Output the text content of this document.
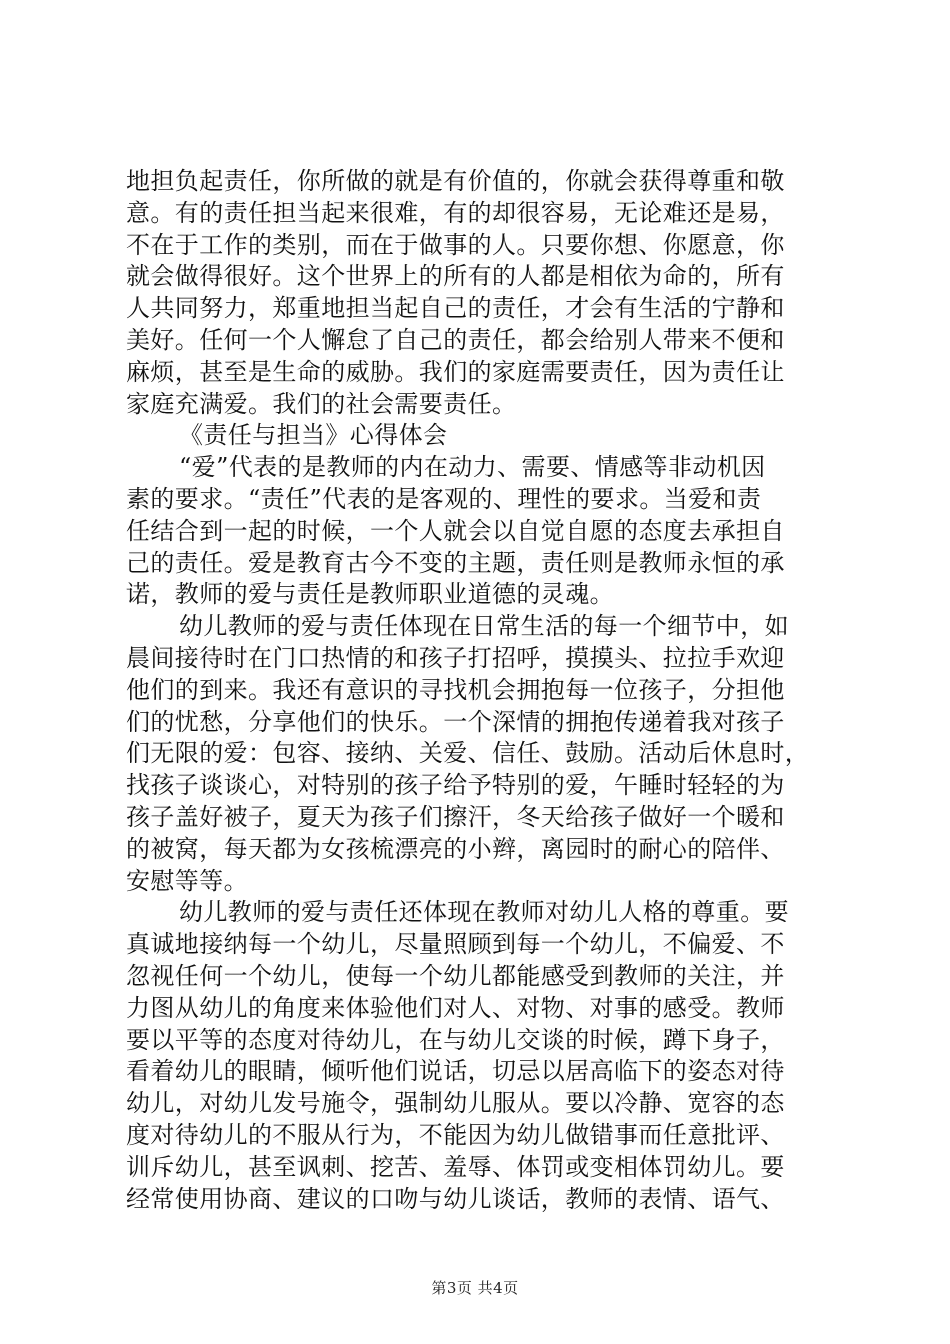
地担负起责任，你所做的就是有价值的，你就会获得尊重和敬
意。有的责任担当起来很难，有的却很容易，无论难还是易，
不在于工作的类别，而在于做事的人。只要你想、你愿意，你
就会做得很好。这个世界上的所有的人都是相依为命的，所有
人共同努力，郑重地担当起自己的责任，才会有生活的宁静和
美好。任何一个人懈怠了自己的责任，都会给别人带来不便和
麻烦，甚至是生命的威胁。我们的家庭需要责任，因为责任让
家庭充满爱。我们的社会需要责任。
《责任与担当》心得体会
“爱”代表的是教师的内在动力、需要、情感等非动机因
素的要求。“责任”代表的是客观的、理性的要求。当爱和责
任结合到一起的时候，一个人就会以自觉自愿的态度去承担自
己的责任。爱是教育古今不变的主题，责任则是教师永恒的承
诺，教师的爱与责任是教师职业道德的灵魂。
幼儿教师的爱与责任体现在日常生活的每一个细节中，如
晨间接待时在门口热情的和孩子打招呼，摸摸头、拉拉手欢迎
他们的到来。我还有意识的寻找机会拥抱每一位孩子，分担他
们的忧愁，分享他们的快乐。一个深情的拥抱传递着我对孩子
们无限的爱：包容、接纳、关爱、信任、鼓励。活动后休息时，
找孩子谈谈心，对特别的孩子给予特别的爱，午睡时轻轻的为
孩子盖好被子，夏天为孩子们擦汗，冬天给孩子做好一个暖和
的被窝，每天都为女孩梳漂亮的小辫，离园时的耐心的陪伴、
安慰等等。
幼儿教师的爱与责任还体现在教师对幼儿人格的尊重。要
真诚地接纳每一个幼儿，尽量照顾到每一个幼儿，不偏爱、不
忽视任何一个幼儿，使每一个幼儿都能感受到教师的关注，并
力图从幼儿的角度来体验他们对人、对物、对事的感受。教师
要以平等的态度对待幼儿，在与幼儿交谈的时候，蹲下身子，
看着幼儿的眼睛，倾听他们说话，切忌以居高临下的姿态对待
幼儿，对幼儿发号施令，强制幼儿服从。要以冷静、宽容的态
度对待幼儿的不服从行为，不能因为幼儿做错事而任意批评、
训斥幼儿，甚至讽刺、挖苦、羞辱、体罚或变相体罚幼儿。要
经常使用协商、建议的口吻与幼儿谈话，教师的表情、语气、
第3页 共4页
